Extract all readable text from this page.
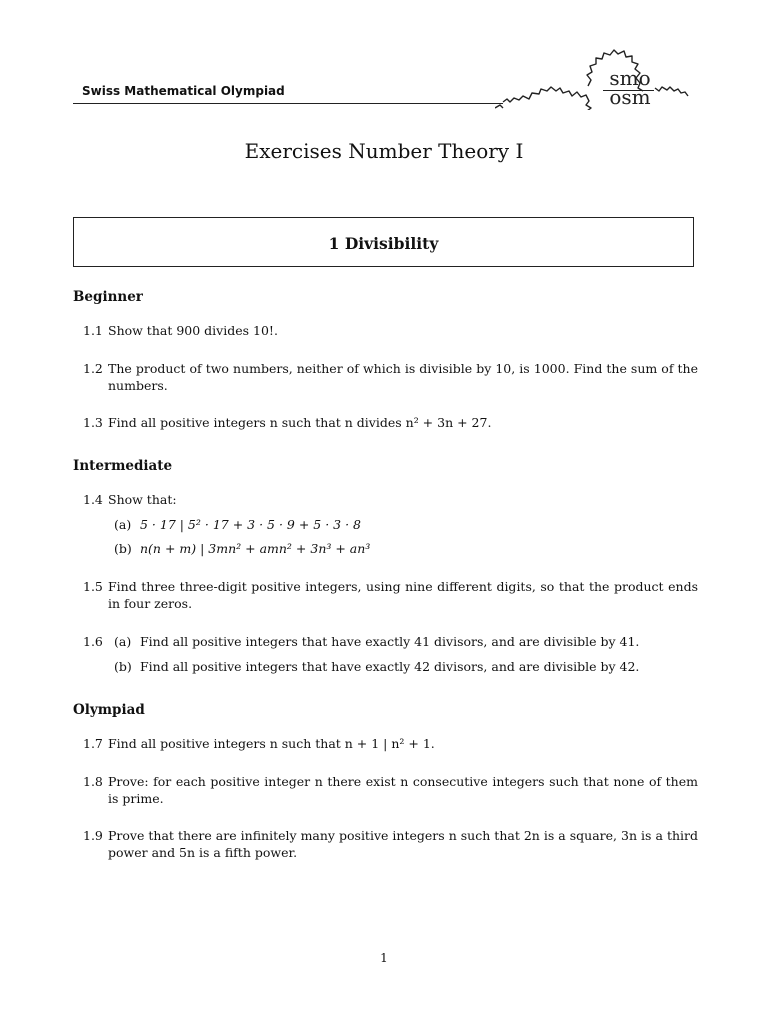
Swiss Mathematical Olympiad
smo
osm
Exercises Number Theory I
1 Divisibility
Beginner
1.1 Show that 900 divides 10!.
1.2 The product of two numbers, neither of which is divisible by 10, is 1000. Find the sum of the numbers.
1.3 Find all positive integers n such that n divides n² + 3n + 27.
Intermediate
1.4 Show that:
(a) 5 · 17 | 5² · 17 + 3 · 5 · 9 + 5 · 3 · 8
(b) n(n + m) | 3mn² + amn² + 3n³ + an³
1.5 Find three three-digit positive integers, using nine different digits, so that the product ends in four zeros.
1.6 (a) Find all positive integers that have exactly 41 divisors, and are divisible by 41.
(b) Find all positive integers that have exactly 42 divisors, and are divisible by 42.
Olympiad
1.7 Find all positive integers n such that n + 1 | n² + 1.
1.8 Prove: for each positive integer n there exist n consecutive integers such that none of them is prime.
1.9 Prove that there are infinitely many positive integers n such that 2n is a square, 3n is a third power and 5n is a fifth power.
1
